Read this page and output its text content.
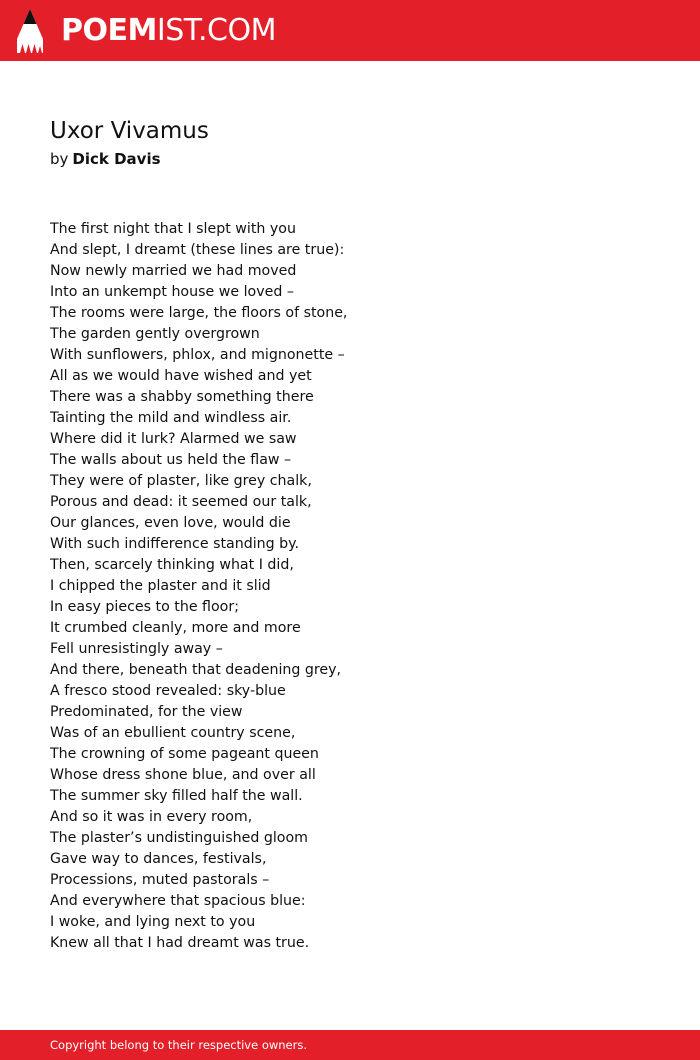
POEMIST.COM
Uxor Vivamus
by Dick Davis
The first night that I slept with you
And slept, I dreamt (these lines are true):
Now newly married we had moved
Into an unkempt house we loved –
The rooms were large, the floors of stone,
The garden gently overgrown
With sunflowers, phlox, and mignonette –
All as we would have wished and yet
There was a shabby something there
Tainting the mild and windless air.
Where did it lurk? Alarmed we saw
The walls about us held the flaw –
They were of plaster, like grey chalk,
Porous and dead: it seemed our talk,
Our glances, even love, would die
With such indifference standing by.
Then, scarcely thinking what I did,
I chipped the plaster and it slid
In easy pieces to the floor;
It crumbed cleanly, more and more
Fell unresistingly away –
And there, beneath that deadening grey,
A fresco stood revealed: sky-blue
Predominated, for the view
Was of an ebullient country scene,
The crowning of some pageant queen
Whose dress shone blue, and over all
The summer sky filled half the wall.
And so it was in every room,
The plaster’s undistinguished gloom
Gave way to dances, festivals,
Processions, muted pastorals –
And everywhere that spacious blue:
I woke, and lying next to you
Knew all that I had dreamt was true.
Copyright belong to their respective owners.
